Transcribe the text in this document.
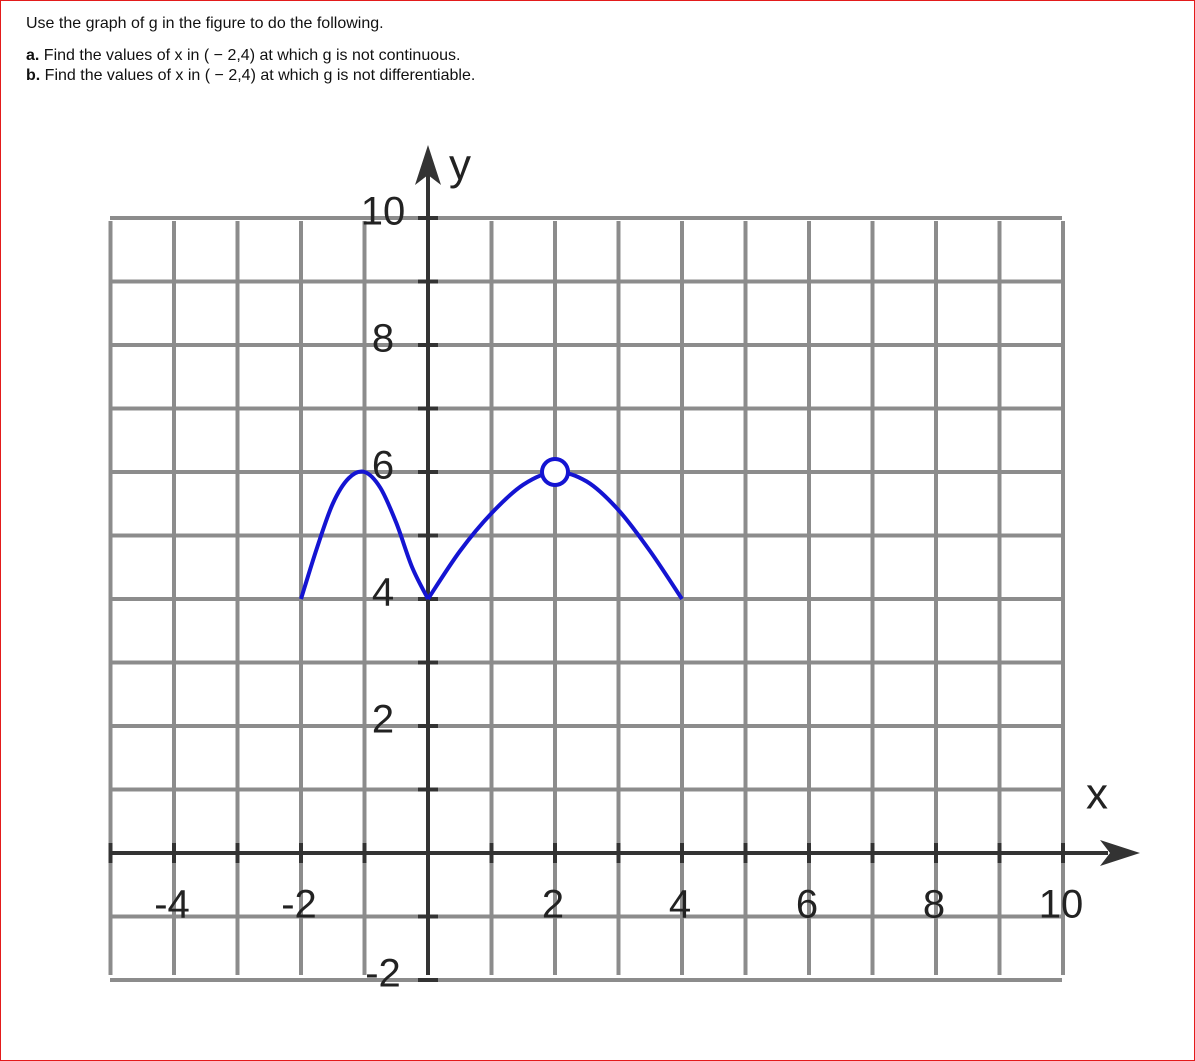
Use the graph of g in the figure to do the following.
a. Find the values of x in ( − 2,4) at which g is not continuous.
b. Find the values of x in ( − 2,4) at which g is not differentiable.
-4 -2	2	4	6	8 10
-2
2
4
6
8
10
y
x
